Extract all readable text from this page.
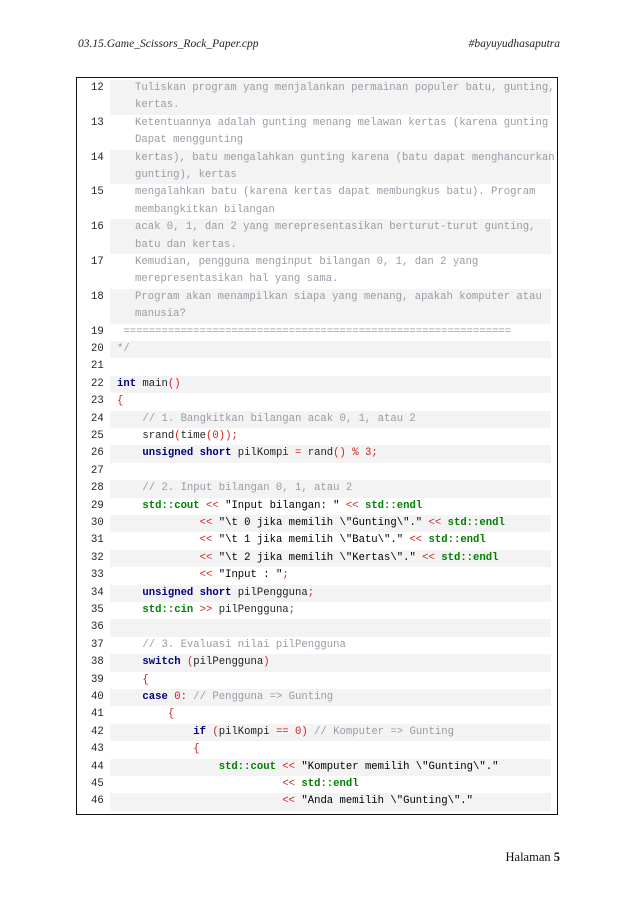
03.15.Game_Scissors_Rock_Paper.cpp	#bayuyudhasaputra
12	Tuliskan program yang menjalankan permainan populer batu, gunting,
kertas.
13	Ketentuannya adalah gunting menang melawan kertas (karena gunting
Dapat menggunting
14	kertas), batu mengalahkan gunting karena (batu dapat menghancurkan
gunting), kertas
15	mengalahkan batu (karena kertas dapat membungkus batu). Program
membangkitkan bilangan
16	acak 0, 1, dan 2 yang merepresentasikan berturut-turut gunting,
batu dan kertas.
17	Kemudian, pengguna menginput bilangan 0, 1, dan 2 yang
merepresentasikan hal yang sama.
18	Program akan menampilkan siapa yang menang, apakah komputer atau
manusia?
19	=============================================================
20	*/
21
22	int main()
23	{
24	// 1. Bangkitkan bilangan acak 0, 1, atau 2
25	srand(time(0));
26	unsigned short pilKompi = rand() % 3;
27
28	// 2. Input bilangan 0, 1, atau 2
29	std::cout << "Input bilangan: " << std::endl
30	<< "\t 0 jika memilih \"Gunting\"." << std::endl
31	<< "\t 1 jika memilih \"Batu\"." << std::endl
32	<< "\t 2 jika memilih \"Kertas\"." << std::endl
33	<< "Input : ";
34	unsigned short pilPengguna;
35	std::cin >> pilPengguna;
36
37	// 3. Evaluasi nilai pilPengguna
38	switch (pilPengguna)
39	{
40	case 0: // Pengguna => Gunting
41	{
42	if (pilKompi == 0) // Komputer => Gunting
43	{
44	std::cout << "Komputer memilih \"Gunting\"."
45	<< std::endl
46	<< "Anda memilih \"Gunting\"."
Halaman 5
